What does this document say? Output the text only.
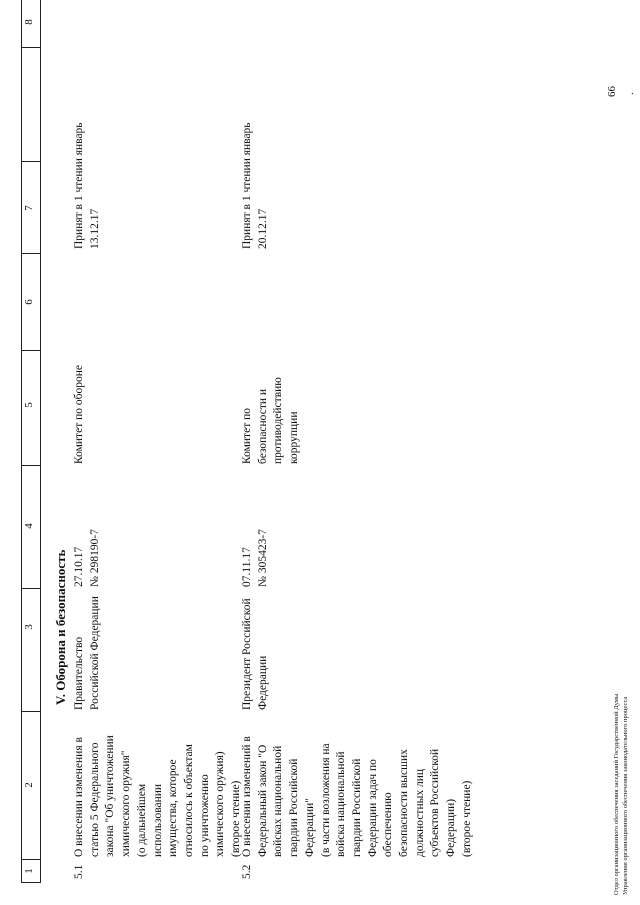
1
2
3
4
5
6
7
8
V. Оборона и безопасность
5.1
О внесении изменения в статью 5 Федерального закона "Об уничтожении химического оружия" (о дальнейшем использовании имущества, которое относилось к объектам по уничтожению химического оружия) (второе чтение)
Правительство Российской Федерации
27.10.17 № 298190-7
Комитет по обороне
Принят в 1 чтении январь 13.12.17
5.2
О внесении изменений в Федеральный закон "О войсках национальной гвардии Российской Федерации" (в части возложения на войска национальной гвардии Российской Федерации задач по обеспечению безопасности высших должностных лиц субъектов Российской Федерации) (второе чтение)
Президент Российской Федерации
07.11.17 № 305423-7
Комитет по безопасности и противодействию коррупции
Принят в 1 чтении январь 20.12.17
66 .
Отдел организационного обеспечения заседаний Государственной Думы Управления организационного обеспечения законодательного процесса
